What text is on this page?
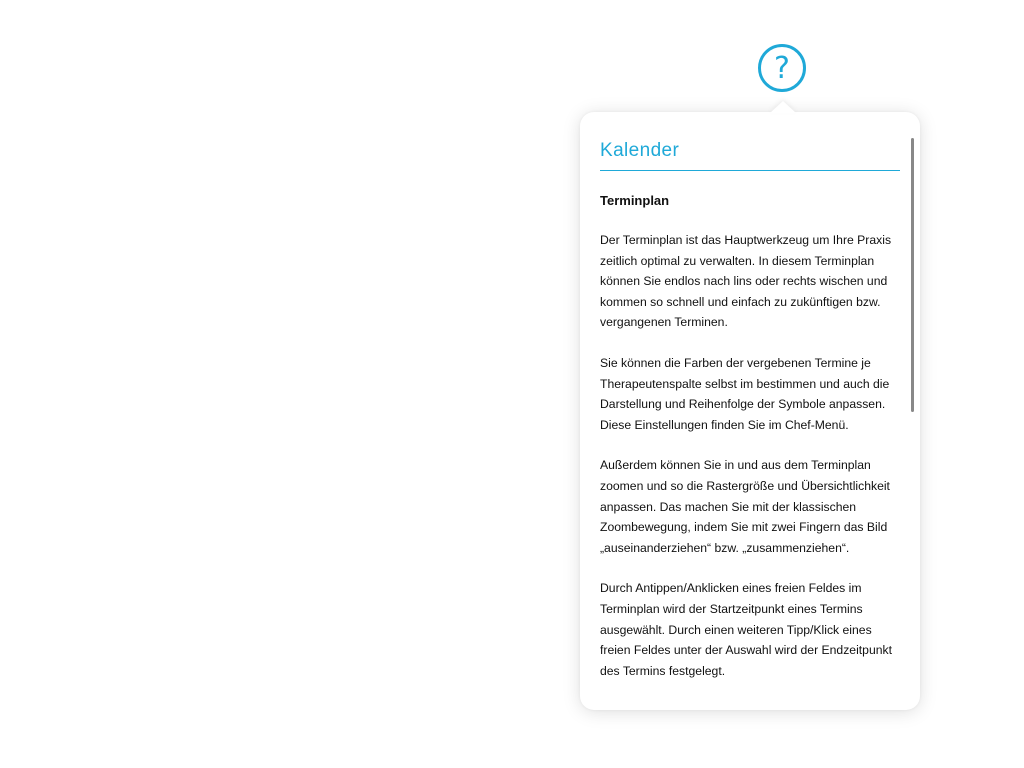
?
Kalender
Terminplan
Der Terminplan ist das Hauptwerkzeug um Ihre Praxis zeitlich optimal zu verwalten. In diesem Terminplan können Sie endlos nach lins oder rechts wischen und kommen so schnell und einfach zu zukünftigen bzw. vergangenen Terminen.
Sie können die Farben der vergebenen Termine je Therapeutenspalte selbst im bestimmen und auch die Darstellung und Reihenfolge der Symbole anpassen. Diese Einstellungen finden Sie im Chef-Menü.
Außerdem können Sie in und aus dem Terminplan zoomen und so die Rastergröße und Übersichtlichkeit anpassen. Das machen Sie mit der klassischen Zoombewegung, indem Sie mit zwei Fingern das Bild „auseinanderziehen“ bzw. „zusammenziehen“.
Durch Antippen/Anklicken eines freien Feldes im Terminplan wird der Startzeitpunkt eines Termins ausgewählt. Durch einen weiteren Tipp/Klick eines freien Feldes unter der Auswahl wird der Endzeitpunkt des Termins festgelegt.
